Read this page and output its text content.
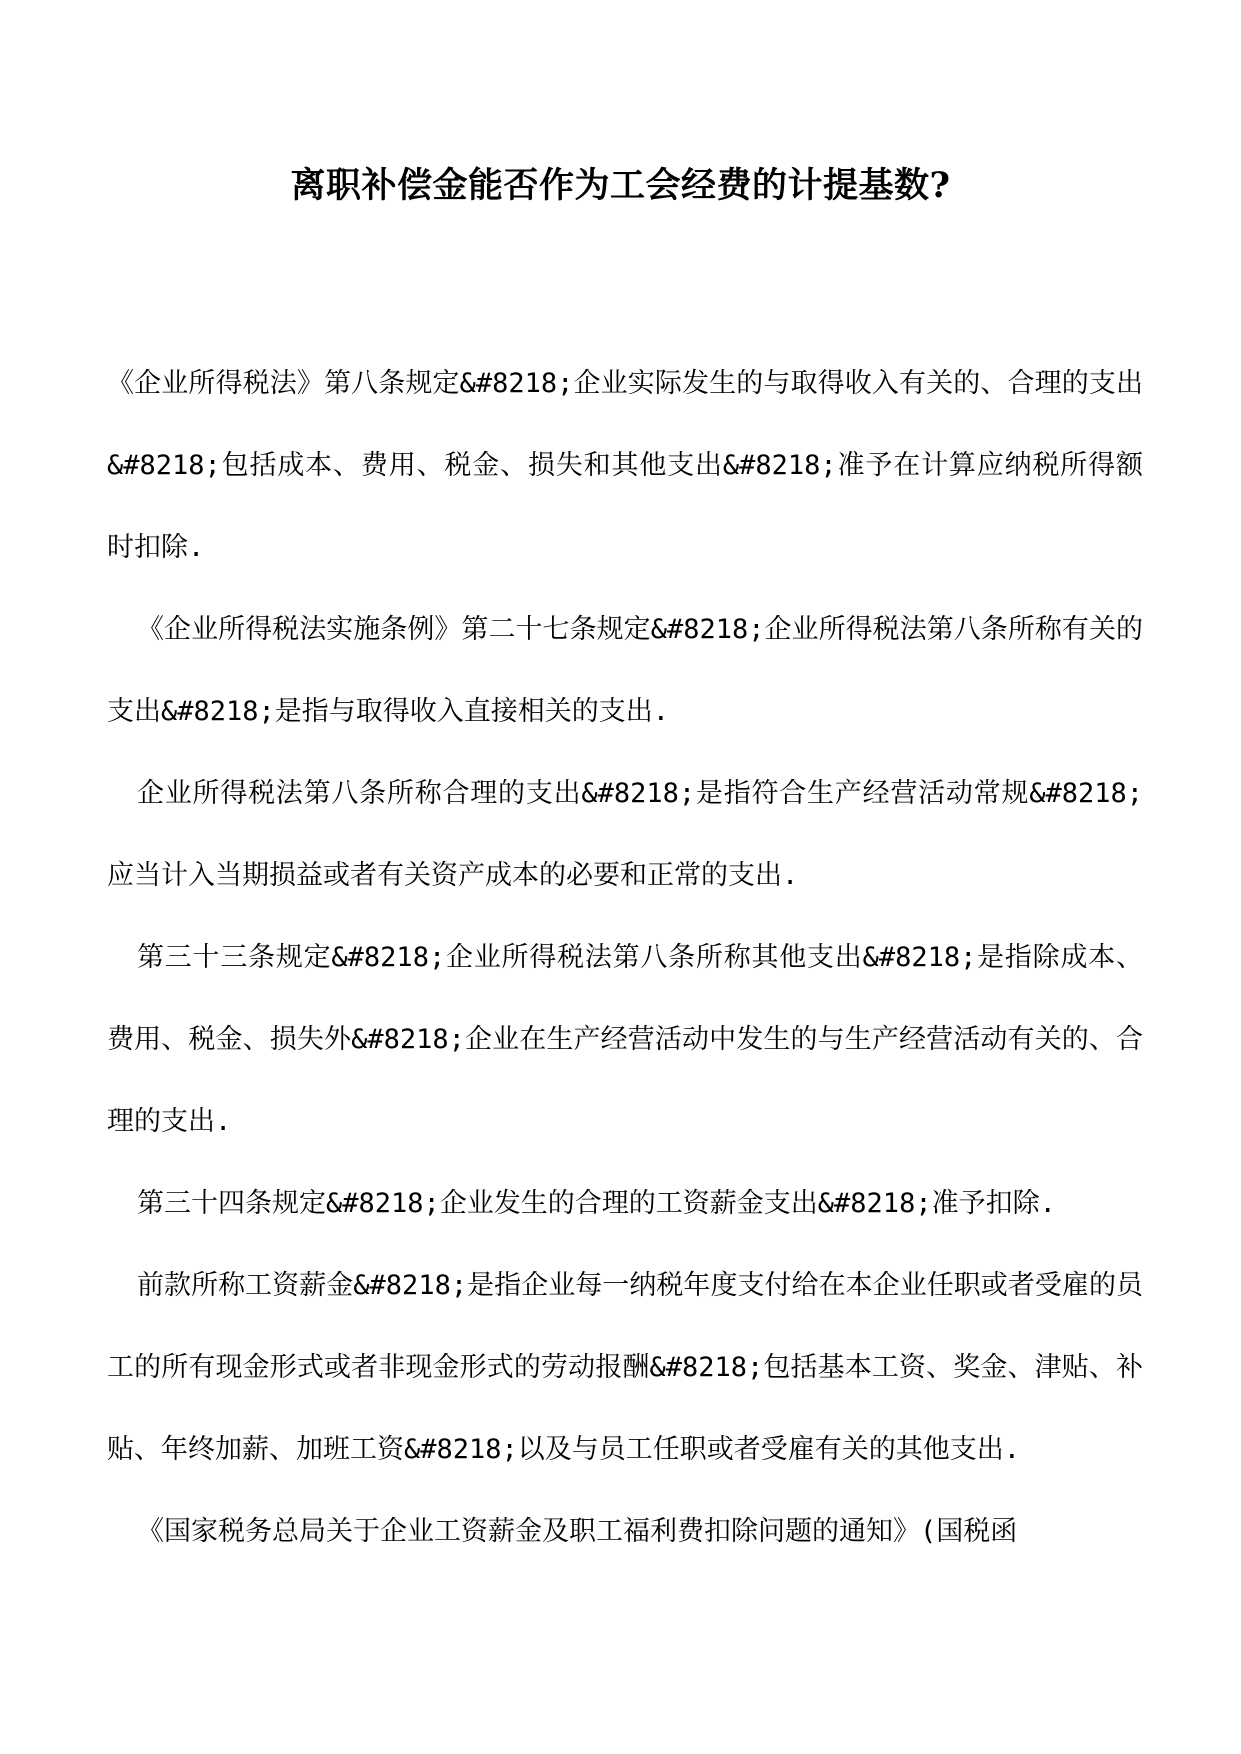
离职补偿金能否作为工会经费的计提基数?

《企业所得税法》第八条规定&#8218;企业实际发生的与取得收入有关的、合理的支出&#8218;包括成本、费用、税金、损失和其他支出&#8218;准予在计算应纳税所得额时扣除.

《企业所得税法实施条例》第二十七条规定&#8218;企业所得税法第八条所称有关的支出&#8218;是指与取得收入直接相关的支出.

企业所得税法第八条所称合理的支出&#8218;是指符合生产经营活动常规&#8218;应当计入当期损益或者有关资产成本的必要和正常的支出.

第三十三条规定&#8218;企业所得税法第八条所称其他支出&#8218;是指除成本、费用、税金、损失外&#8218;企业在生产经营活动中发生的与生产经营活动有关的、合理的支出.

第三十四条规定&#8218;企业发生的合理的工资薪金支出&#8218;准予扣除.

前款所称工资薪金&#8218;是指企业每一纳税年度支付给在本企业任职或者受雇的员工的所有现金形式或者非现金形式的劳动报酬&#8218;包括基本工资、奖金、津贴、补贴、年终加薪、加班工资&#8218;以及与员工任职或者受雇有关的其他支出.

《国家税务总局关于企业工资薪金及职工福利费扣除问题的通知》(国税函
